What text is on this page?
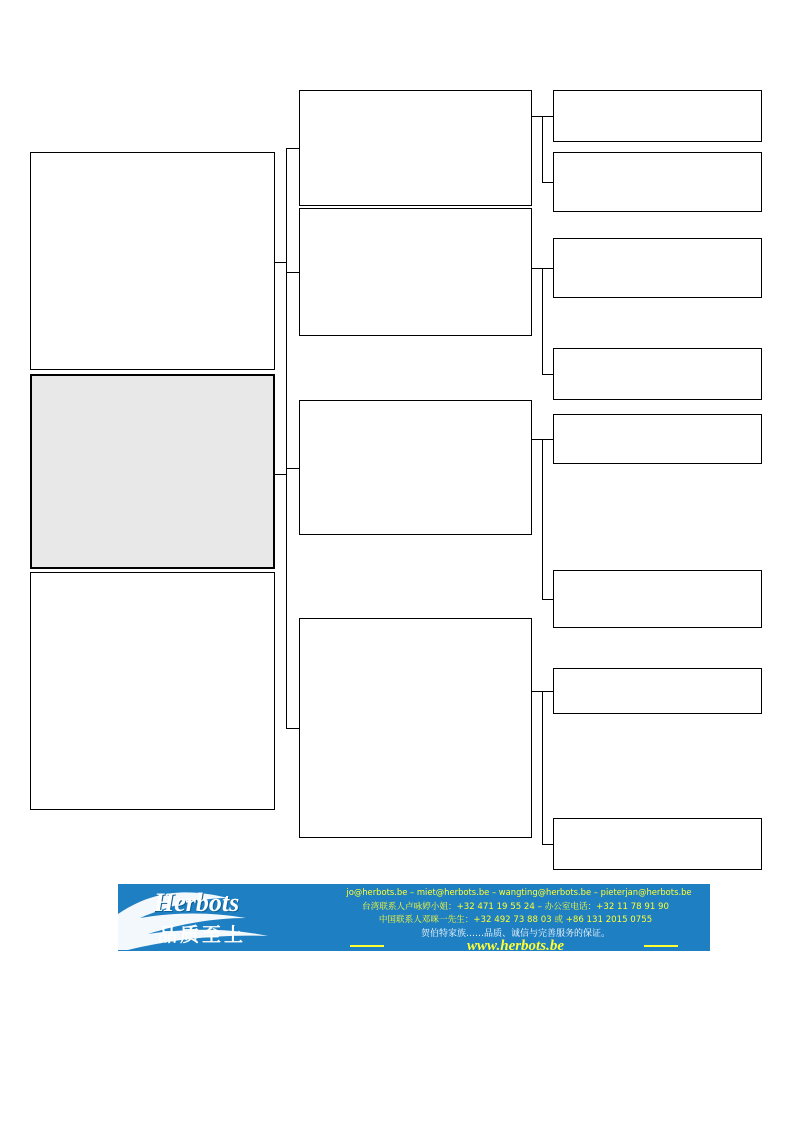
Herbots
品质至上
jo@herbots.be – miet@herbots.be – wangting@herbots.be – pieterjan@herbots.be
台湾联系人卢咏婷小姐：+32 471 19 55 24 – 办公室电话：+32 11 78 91 90
中国联系人邓咪一先生：+32 492 73 88 03 或 +86 131 2015 0755
贺伯特家族……品质、诚信与完善服务的保证。
www.herbots.be
